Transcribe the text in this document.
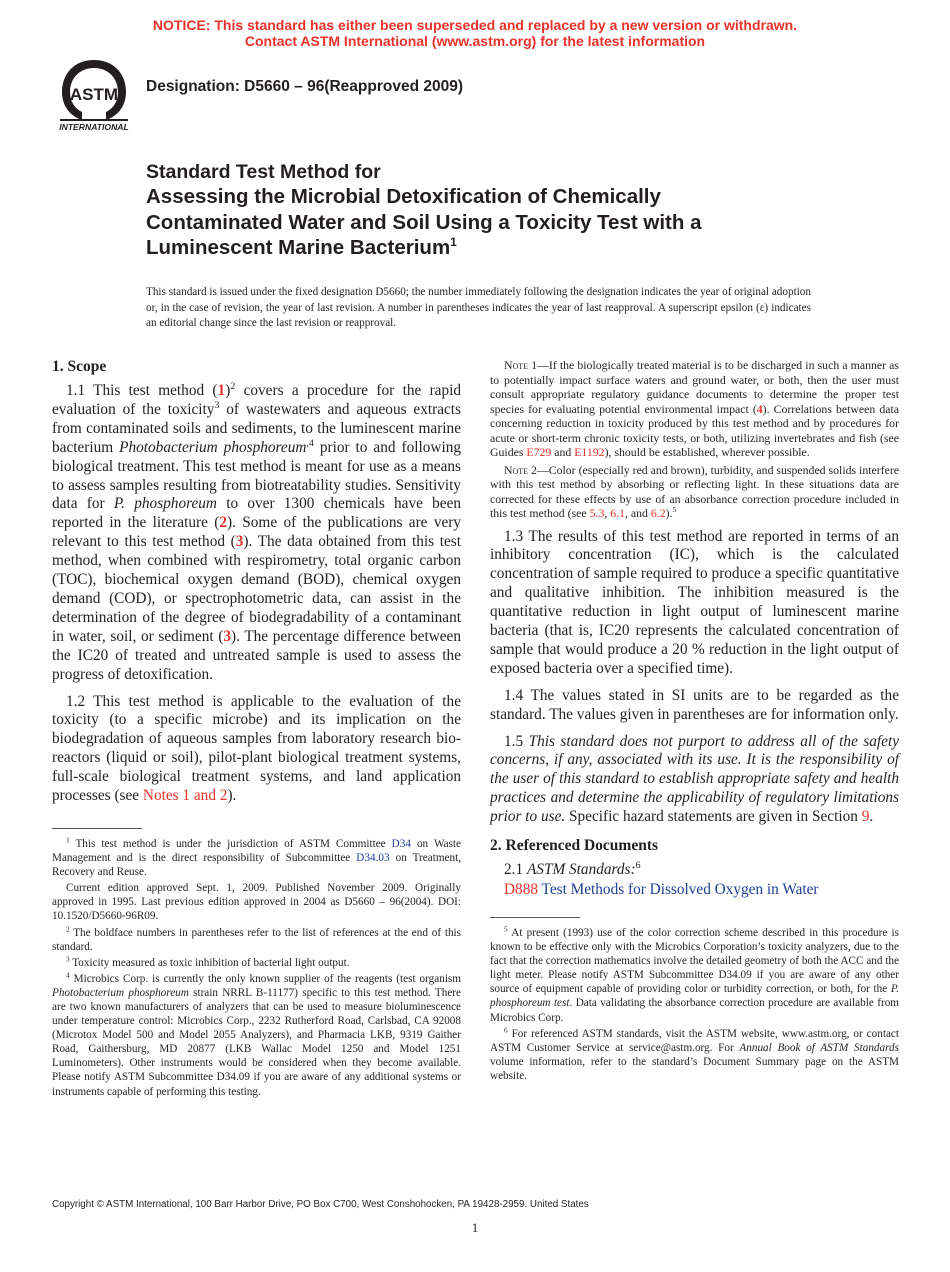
NOTICE: This standard has either been superseded and replaced by a new version or withdrawn.
Contact ASTM International (www.astm.org) for the latest information
ASTM
INTERNATIONAL
Designation: D5660 – 96(Reapproved 2009)
Standard Test Method for
Assessing the Microbial Detoxification of Chemically
Contaminated Water and Soil Using a Toxicity Test with a
Luminescent Marine Bacterium$^1$
This standard is issued under the fixed designation D5660; the number immediately following the designation indicates the year of original adoption or, in the case of revision, the year of last revision. A number in parentheses indicates the year of last reapproval. A superscript epsilon (ε) indicates an editorial change since the last revision or reapproval.
1. Scope

1.1 This test method $(1)^2$ covers a procedure for the rapid evaluation of the toxicity$^3$ of wastewaters and aqueous extracts from contaminated soils and sediments, to the luminescent marine bacterium Photobacterium phosphoreum$^{,4}$ prior to and following biological treatment. This test method is meant for use as a means to assess samples resulting from biotreatability studies. Sensitivity data for P. phosphoreum to over 1300 chemicals have been reported in the literature (2). Some of the publications are very relevant to this test method (3). The data obtained from this test method, when combined with respirometry, total organic carbon (TOC), biochemical oxygen demand (BOD), chemical oxygen demand (COD), or spectrophotometric data, can assist in the determination of the degree of biodegradability of a contaminant in water, soil, or sediment (3). The percentage difference between the IC20 of treated and untreated sample is used to assess the progress of detoxification.

1.2 This test method is applicable to the evaluation of the toxicity (to a specific microbe) and its implication on the biodegradation of aqueous samples from laboratory research bio-reactors (liquid or soil), pilot-plant biological treatment systems, full-scale biological treatment systems, and land application processes (see Notes 1 and 2).

$^1$ This test method is under the jurisdiction of ASTM Committee D34 on Waste Management and is the direct responsibility of Subcommittee D34.03 on Treatment, Recovery and Reuse.

Current edition approved Sept. 1, 2009. Published November 2009. Originally approved in 1995. Last previous edition approved in 2004 as D5660 – 96(2004). DOI: 10.1520/D5660-96R09.

$^2$ The boldface numbers in parentheses refer to the list of references at the end of this standard.

$^3$ Toxicity measured as toxic inhibition of bacterial light output.

$^4$ Microbics Corp. is currently the only known supplier of the reagents (test organism Photobacterium phosphoreum strain NRRL B-11177) specific to this test method. There are two known manufacturers of analyzers that can be used to measure bioluminescence under temperature control: Microbics Corp., 2232 Rutherford Road, Carlsbad, CA 92008 (Microtox Model 500 and Model 2055 Analyzers), and Pharmacia LKB, 9319 Gaither Road, Gaithersburg, MD 20877 (LKB Wallac Model 1250 and Model 1251 Luminometers). Other instruments would be considered when they become available. Please notify ASTM Subcommittee D34.09 if you are aware of any additional systems or instruments capable of performing this testing.

Note 1—If the biologically treated material is to be discharged in such a manner as to potentially impact surface waters and ground water, or both, then the user must consult appropriate regulatory guidance documents to determine the proper test species for evaluating potential environmental impact (4). Correlations between data concerning reduction in toxicity produced by this test method and by procedures for acute or short-term chronic toxicity tests, or both, utilizing invertebrates and fish (see Guides E729 and E1192), should be established, wherever possible.

Note 2—Color (especially red and brown), turbidity, and suspended solids interfere with this test method by absorbing or reflecting light. In these situations data are corrected for these effects by use of an absorbance correction procedure included in this test method (see 5.3, 6.1, and 6.2).$^5$

1.3 The results of this test method are reported in terms of an inhibitory concentration (IC), which is the calculated concentration of sample required to produce a specific quantitative and qualitative inhibition. The inhibition measured is the quantitative reduction in light output of luminescent marine bacteria (that is, IC20 represents the calculated concentration of sample that would produce a 20 % reduction in the light output of exposed bacteria over a specified time).

1.4 The values stated in SI units are to be regarded as the standard. The values given in parentheses are for information only.

1.5 This standard does not purport to address all of the safety concerns, if any, associated with its use. It is the responsibility of the user of this standard to establish appropriate safety and health practices and determine the applicability of regulatory limitations prior to use. Specific hazard statements are given in Section 9.

2. Referenced Documents

2.1 ASTM Standards:$^6$

D888 Test Methods for Dissolved Oxygen in Water

$^5$ At present (1993) use of the color correction scheme described in this procedure is known to be effective only with the Microbics Corporation’s toxicity analyzers, due to the fact that the correction mathematics involve the detailed geometry of both the ACC and the light meter. Please notify ASTM Subcommittee D34.09 if you are aware of any other source of equipment capable of providing color or turbidity correction, or both, for the P. phosphoreum test. Data validating the absorbance correction procedure are available from Microbics Corp.

$^6$ For referenced ASTM standards, visit the ASTM website, www.astm.org, or contact ASTM Customer Service at service@astm.org. For Annual Book of ASTM Standards volume information, refer to the standard’s Document Summary page on the ASTM website.

Copyright © ASTM International, 100 Barr Harbor Drive, PO Box C700, West Conshohocken, PA 19428-2959. United States
1
